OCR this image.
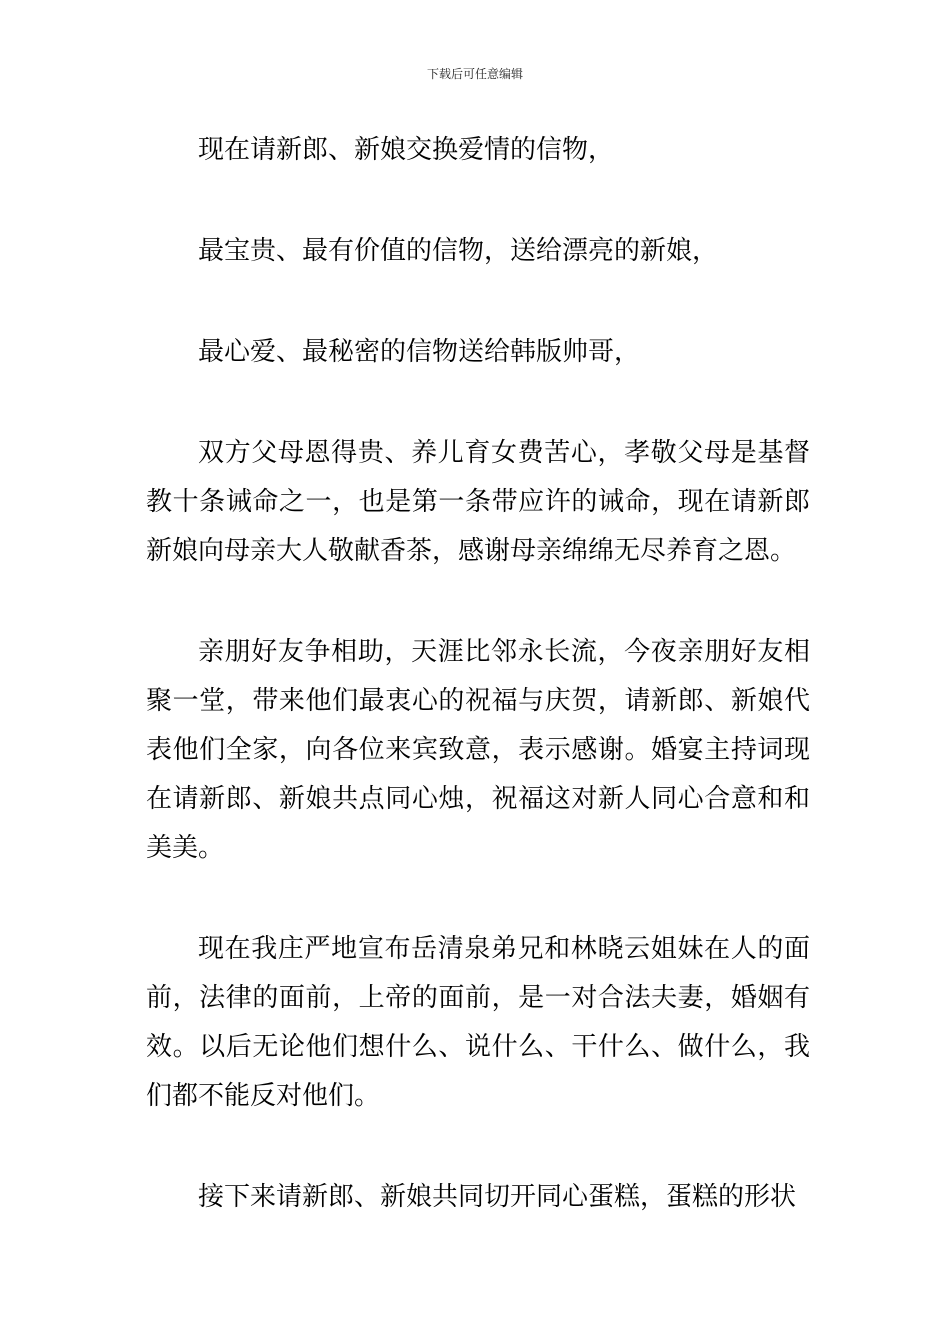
下载后可任意编辑

现在请新郎、新娘交换爱情的信物，

最宝贵、最有价值的信物，送给漂亮的新娘，

最心爱、最秘密的信物送给韩版帅哥，

双方父母恩得贵、养儿育女费苦心，孝敬父母是基督教十条诫命之一，也是第一条带应许的诫命，现在请新郎新娘向母亲大人敬献香茶，感谢母亲绵绵无尽养育之恩。

亲朋好友争相助，天涯比邻永长流，今夜亲朋好友相聚一堂，带来他们最衷心的祝福与庆贺，请新郎、新娘代表他们全家，向各位来宾致意，表示感谢。婚宴主持词现在请新郎、新娘共点同心烛，祝福这对新人同心合意和和美美。

现在我庄严地宣布岳清泉弟兄和林晓云姐妹在人的面前，法律的面前，上帝的面前，是一对合法夫妻，婚姻有效。以后无论他们想什么、说什么、干什么、做什么，我们都不能反对他们。

接下来请新郎、新娘共同切开同心蛋糕，蛋糕的形状
